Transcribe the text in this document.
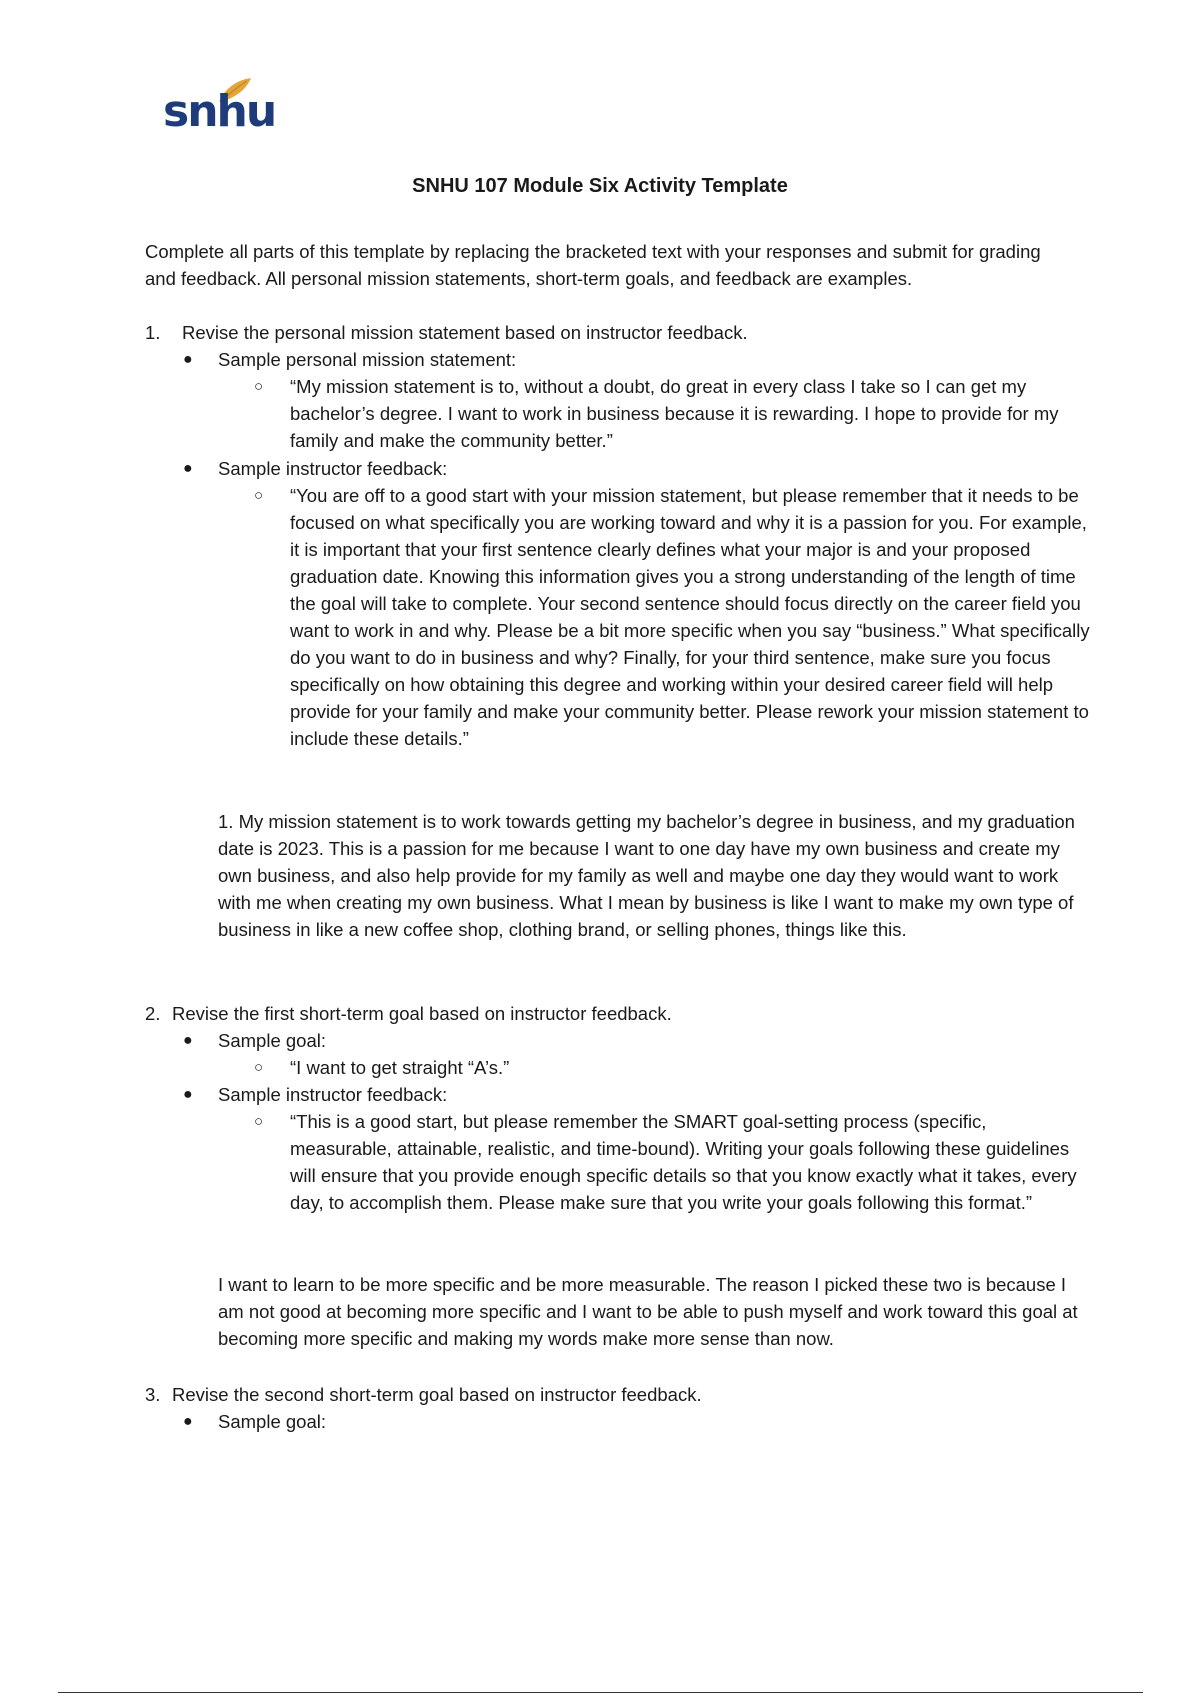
snhu
SNHU 107 Module Six Activity Template
Complete all parts of this template by replacing the bracketed text with your responses and submit for grading and feedback. All personal mission statements, short-term goals, and feedback are examples.
1. Revise the personal mission statement based on instructor feedback.
● Sample personal mission statement:
○ “My mission statement is to, without a doubt, do great in every class I take so I can get my bachelor’s degree. I want to work in business because it is rewarding. I hope to provide for my family and make the community better.”
● Sample instructor feedback:
○ “You are off to a good start with your mission statement, but please remember that it needs to be focused on what specifically you are working toward and why it is a passion for you. For example, it is important that your first sentence clearly defines what your major is and your proposed graduation date. Knowing this information gives you a strong understanding of the length of time the goal will take to complete. Your second sentence should focus directly on the career field you want to work in and why. Please be a bit more specific when you say “business.” What specifically do you want to do in business and why? Finally, for your third sentence, make sure you focus specifically on how obtaining this degree and working within your desired career field will help provide for your family and make your community better. Please rework your mission statement to include these details.”
1. My mission statement is to work towards getting my bachelor’s degree in business, and my graduation date is 2023. This is a passion for me because I want to one day have my own business and create my own business, and also help provide for my family as well and maybe one day they would want to work with me when creating my own business. What I mean by business is like I want to make my own type of business in like a new coffee shop, clothing brand, or selling phones, things like this.
2. Revise the first short-term goal based on instructor feedback.
● Sample goal:
○ “I want to get straight “A’s.”
● Sample instructor feedback:
○ “This is a good start, but please remember the SMART goal-setting process (specific, measurable, attainable, realistic, and time-bound). Writing your goals following these guidelines will ensure that you provide enough specific details so that you know exactly what it takes, every day, to accomplish them. Please make sure that you write your goals following this format.”
I want to learn to be more specific and be more measurable. The reason I picked these two is because I am not good at becoming more specific and I want to be able to push myself and work toward this goal at becoming more specific and making my words make more sense than now.
3. Revise the second short-term goal based on instructor feedback.
● Sample goal:
